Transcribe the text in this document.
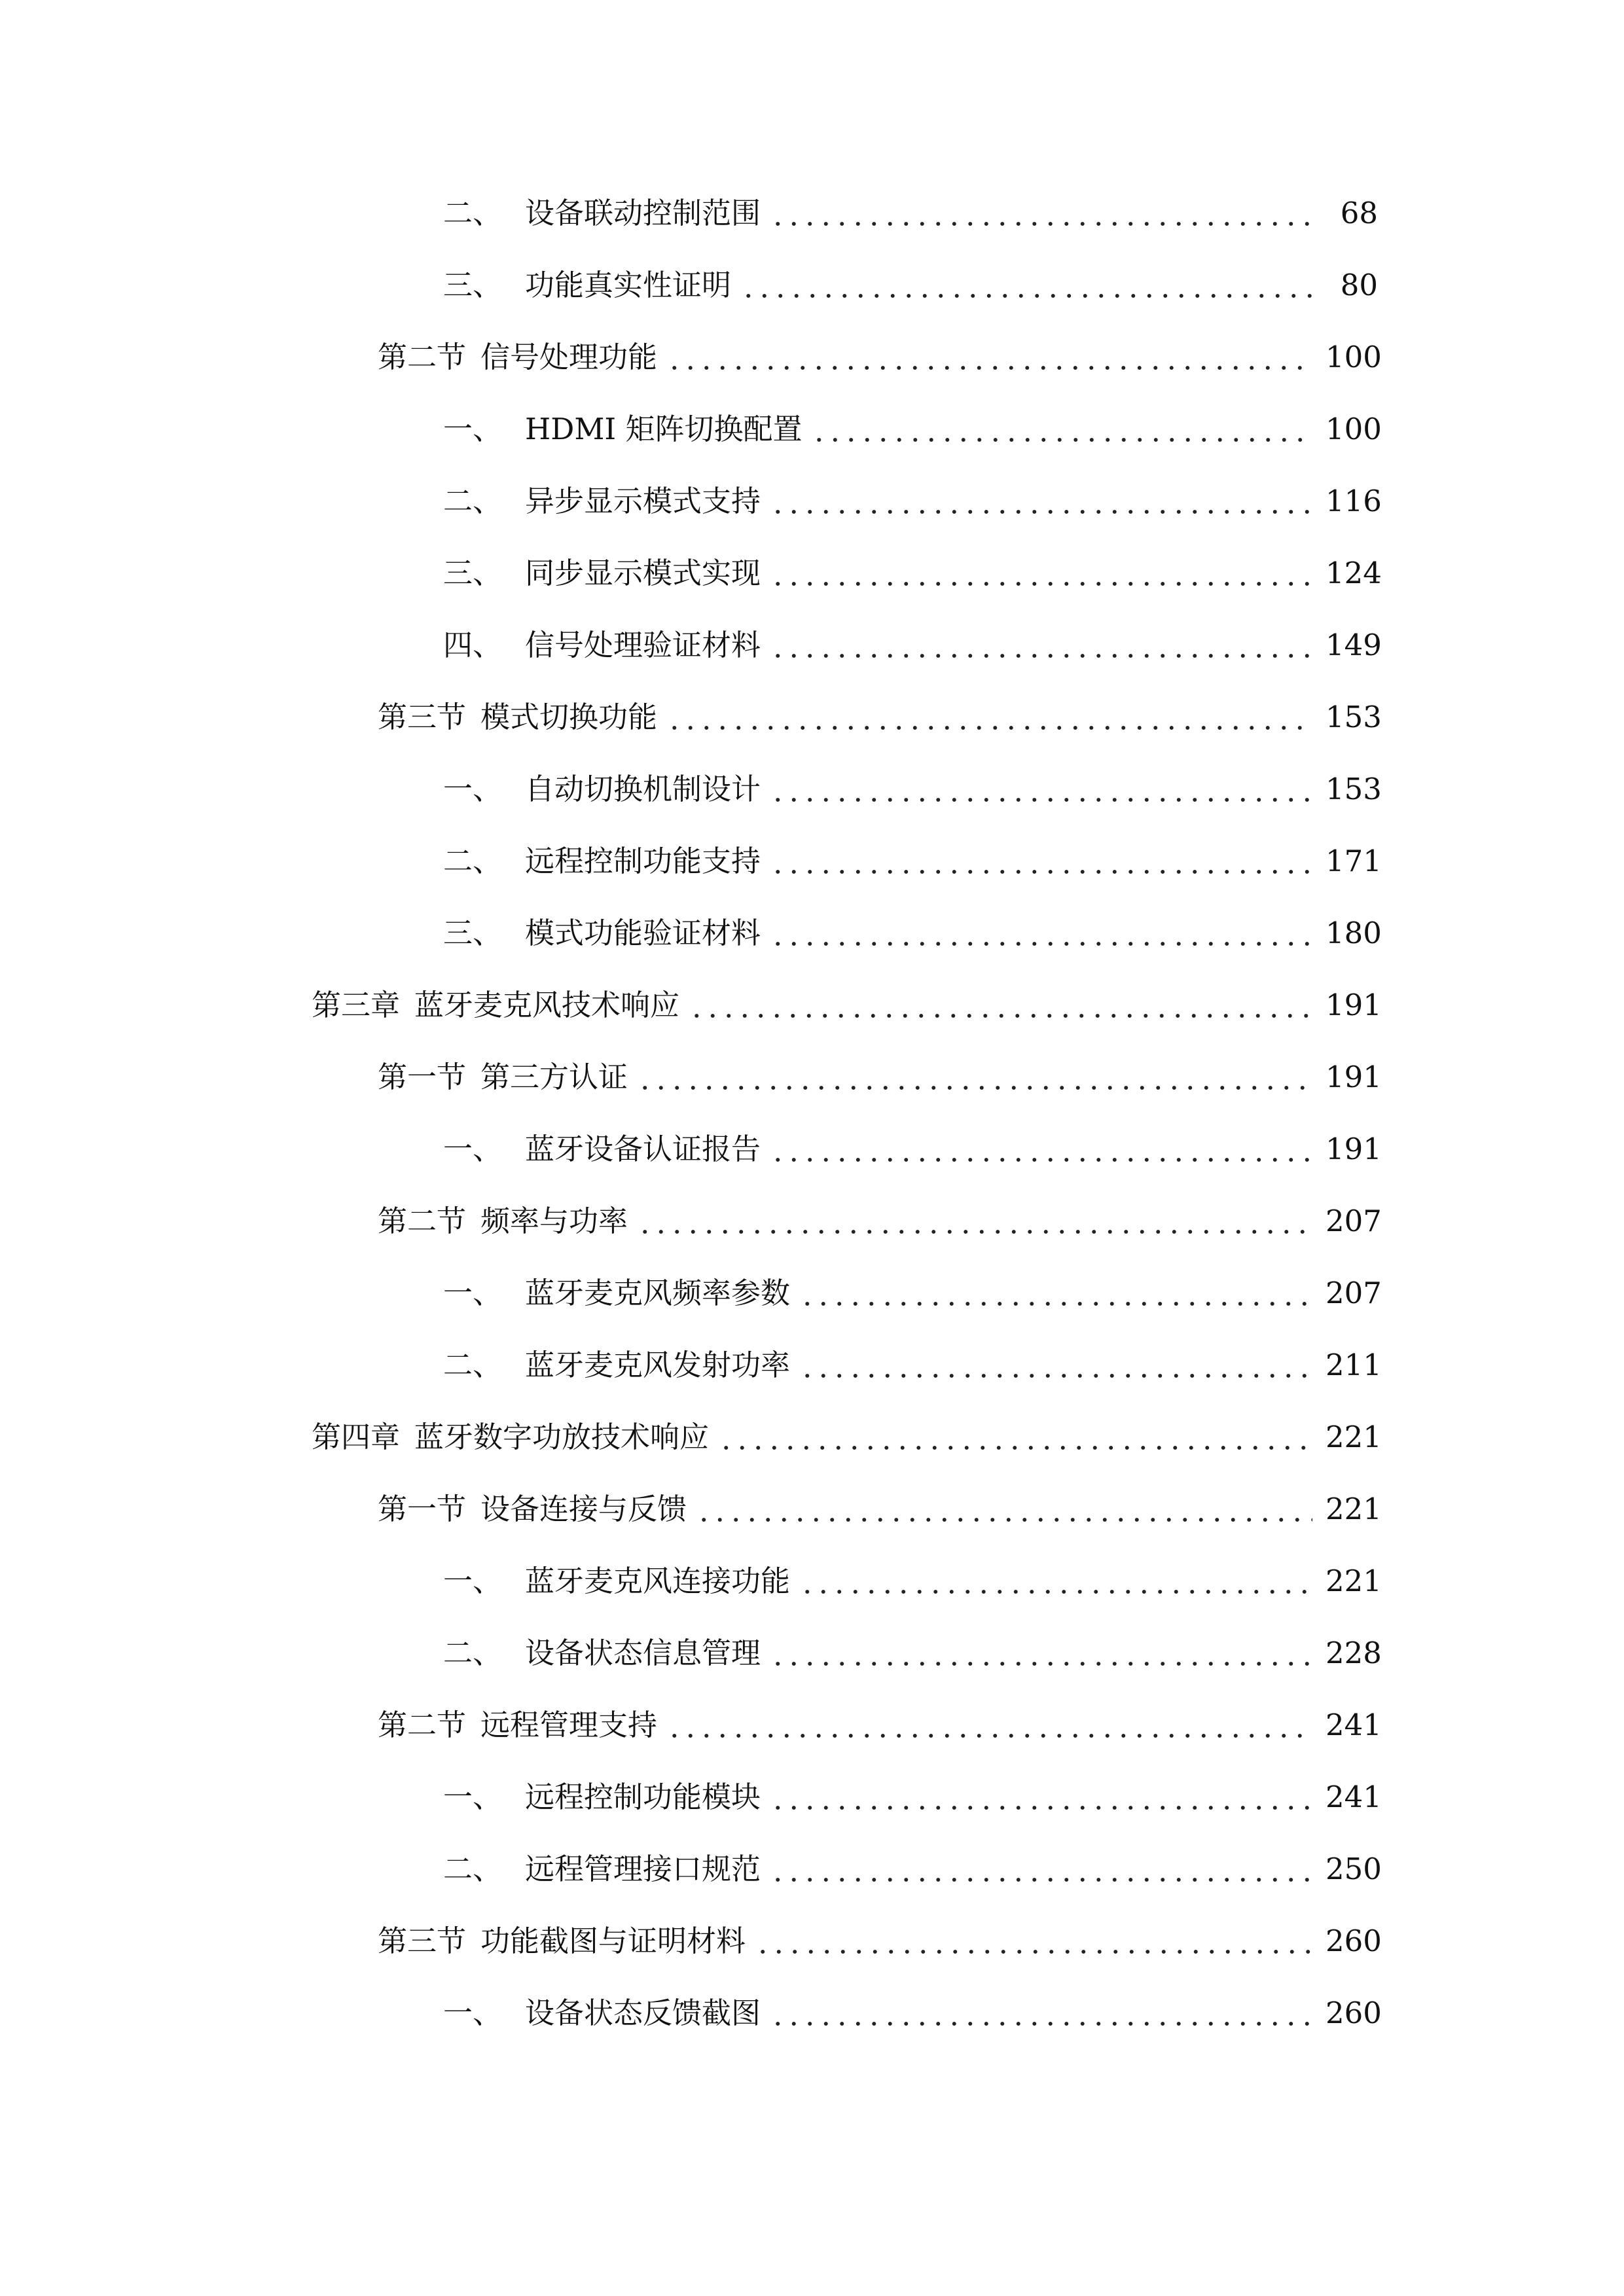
二、 设备联动控制范围	68
三、 功能真实性证明	80
第二节 信号处理功能	100
一、 HDMI 矩阵切换配置	100
二、 异步显示模式支持	116
三、 同步显示模式实现	124
四、 信号处理验证材料	149
第三节 模式切换功能	153
一、 自动切换机制设计	153
二、 远程控制功能支持	171
三、 模式功能验证材料	180
第三章 蓝牙麦克风技术响应	191
第一节 第三方认证	191
一、 蓝牙设备认证报告	191
第二节 频率与功率	207
一、 蓝牙麦克风频率参数	207
二、 蓝牙麦克风发射功率	211
第四章 蓝牙数字功放技术响应	221
第一节 设备连接与反馈	221
一、 蓝牙麦克风连接功能	221
二、 设备状态信息管理	228
第二节 远程管理支持	241
一、 远程控制功能模块	241
二、 远程管理接口规范	250
第三节 功能截图与证明材料	260
一、 设备状态反馈截图	260
